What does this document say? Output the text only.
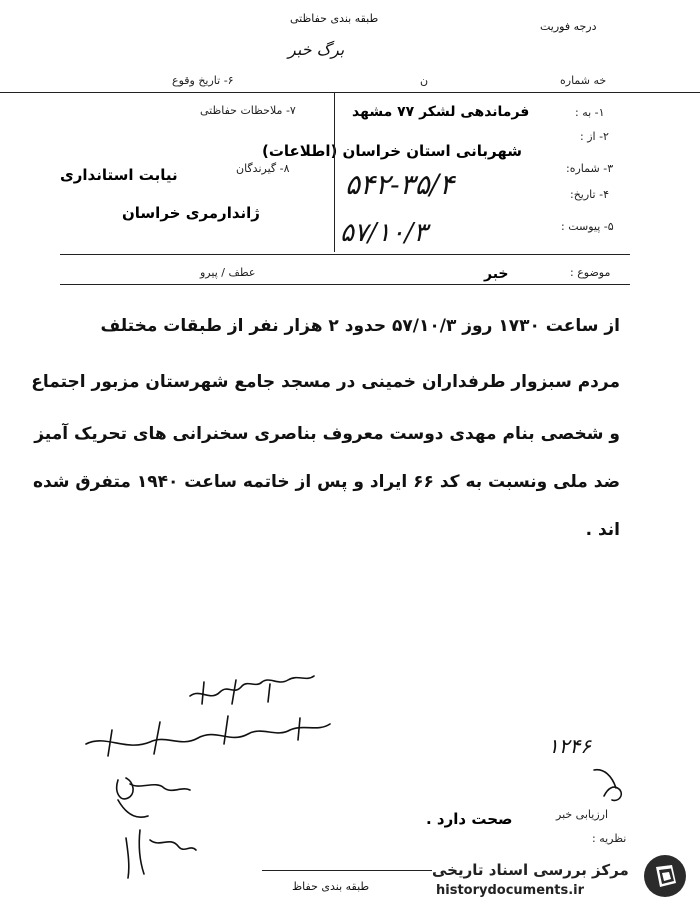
طبقه بندی حفاظتی
درجه فوریت
برگ خبر
خه شماره
ن
۶- تاریخ وقوع
۷- ملاحظات حفاظتی	۱- به :
فرماندهی لشکر ۷۷ مشهد
۲- از :
شهربانی استان خراسان (اطلاعات)
۳- شماره:
۵۴۲-۳۵/۴	۴- تاریخ:
۵- پیوست :
۵۷/۱۰/۳
۸- گیرندگان
نیابت استانداری
ژاندارمری خراسان
موضوع :
خبر
عطف / پیرو
از ساعت ۱۷۳۰ روز ۵۷/۱۰/۳ حدود ۲ هزار نفر از طبقات مختلف
مردم سبزوار طرفداران خمینی در مسجد جامع شهرستان مزبور اجتماع
و شخصی بنام مهدی دوست معروف بناصری سخنرانی های تحریک آمیز
ضد ملی ونسبت به کد ۶۶ ایراد و پس از خاتمه ساعت ۱۹۴۰ متفرق شده
اند .
۱۲۴۶
ارزیابی خبر
صحت دارد .
نظریه :
طبقه بندی حفاظ
مرکز بررسی اسناد تاریخی
historydocuments.ir
